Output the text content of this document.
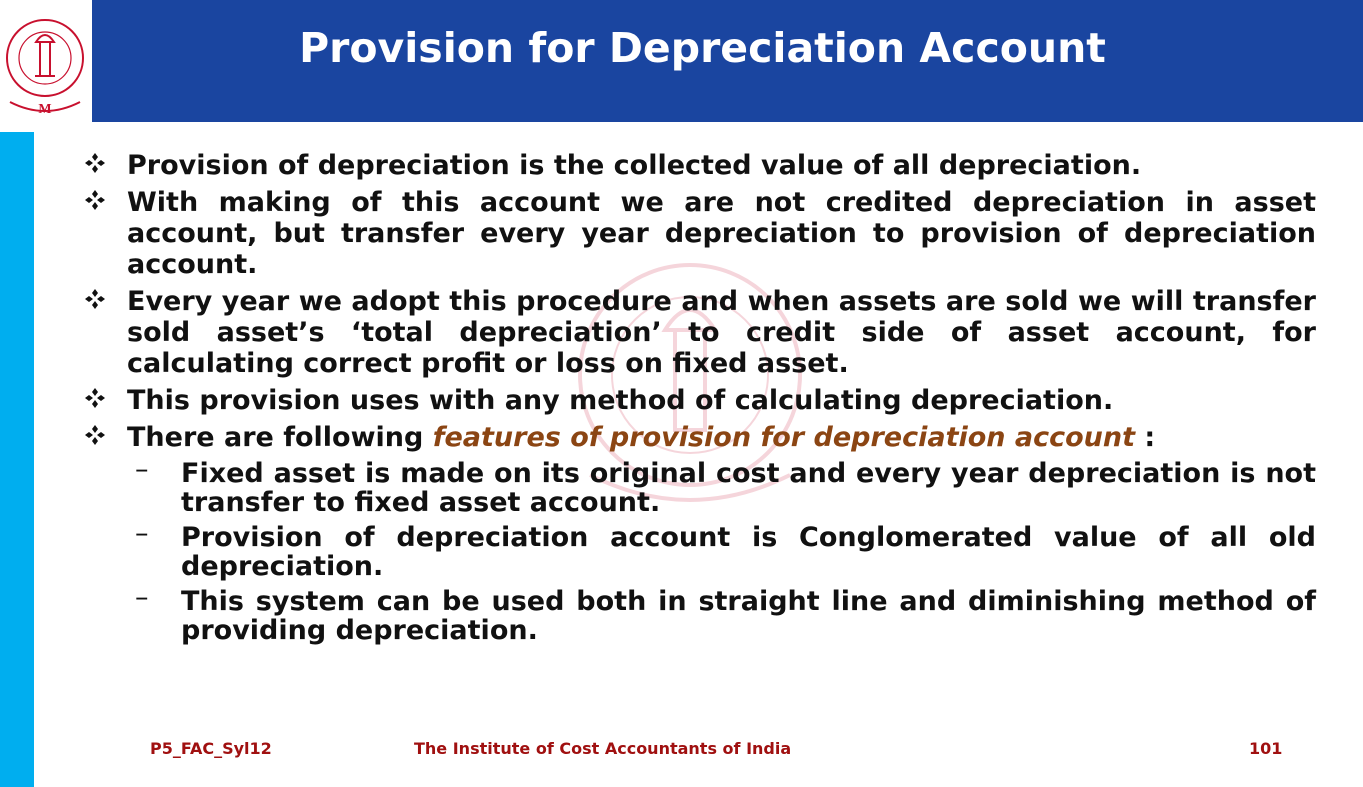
M
Provision for Depreciation Account
Provision of depreciation is the collected value of all depreciation.
With making of this account we are not credited depreciation in asset account, but transfer every year depreciation to provision of depreciation account.
Every year we adopt this procedure and when assets are sold we will transfer sold asset’s ‘total depreciation’ to credit side of asset account, for calculating correct profit or loss on fixed asset.
This provision uses with any method of calculating depreciation.
There are following features of provision for depreciation account :
– Fixed asset is made on its original cost and every year depreciation is not transfer to fixed asset account.
– Provision of depreciation account is Conglomerated value of all old depreciation.
– This system can be used both in straight line and diminishing method of providing depreciation.
P5_FAC_Syl12	The Institute of Cost Accountants of India	101
